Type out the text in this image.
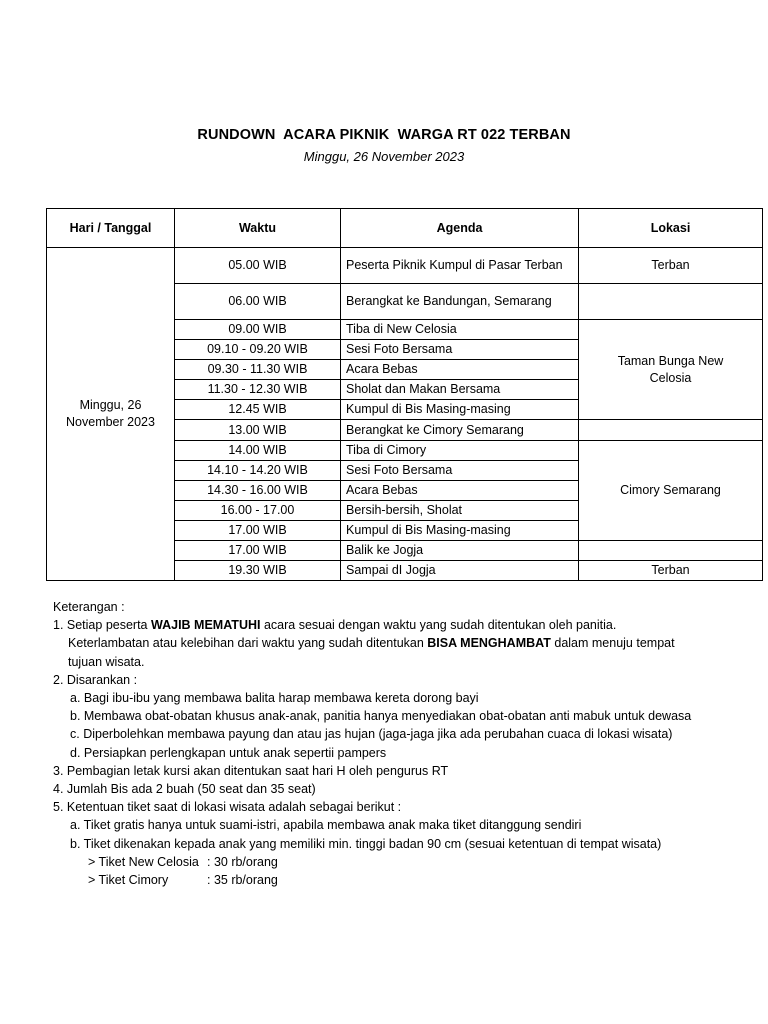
RUNDOWN  ACARA PIKNIK  WARGA RT 022 TERBAN
Minggu, 26 November 2023
Hari / Tanggal	Waktu	Agenda	Lokasi
Minggu, 26 November 2023	05.00 WIB	Peserta Piknik Kumpul di Pasar Terban	Terban
	06.00 WIB	Berangkat ke Bandungan, Semarang	
	09.00 WIB	Tiba di New Celosia	Taman Bunga New Celosia
	09.10 - 09.20 WIB	Sesi Foto Bersama	
	09.30 - 11.30 WIB	Acara Bebas	
	11.30 - 12.30 WIB	Sholat dan Makan Bersama	
	12.45 WIB	Kumpul di Bis Masing-masing	
	13.00 WIB	Berangkat ke Cimory Semarang	
	14.00 WIB	Tiba di Cimory	Cimory Semarang
	14.10 - 14.20 WIB	Sesi Foto Bersama	
	14.30 - 16.00 WIB	Acara Bebas	
	16.00 - 17.00	Bersih-bersih, Sholat	
	17.00 WIB	Kumpul di Bis Masing-masing	
	17.00 WIB	Balik ke Jogja	
	19.30 WIB	Sampai dI Jogja	Terban
Keterangan :
1. Setiap peserta WAJIB MEMATUHI acara sesuai dengan waktu yang sudah ditentukan oleh panitia.
Keterlambatan atau kelebihan dari waktu yang sudah ditentukan BISA MENGHAMBAT dalam menuju tempat
tujuan wisata.
2. Disarankan :
a. Bagi ibu-ibu yang membawa balita harap membawa kereta dorong bayi
b. Membawa obat-obatan khusus anak-anak, panitia hanya menyediakan obat-obatan anti mabuk untuk dewasa
c. Diperbolehkan membawa payung dan atau jas hujan (jaga-jaga jika ada perubahan cuaca di lokasi wisata)
d. Persiapkan perlengkapan untuk anak sepertii pampers
3. Pembagian letak kursi akan ditentukan saat hari H oleh pengurus RT
4. Jumlah Bis ada 2 buah (50 seat dan 35 seat)
5. Ketentuan tiket saat di lokasi wisata adalah sebagai berikut :
a. Tiket gratis hanya untuk suami-istri, apabila membawa anak maka tiket ditanggung sendiri
b. Tiket dikenakan kepada anak yang memiliki min. tinggi badan 90 cm (sesuai ketentuan di tempat wisata)
> Tiket New Celosia : 30 rb/orang
> Tiket Cimory	: 35 rb/orang
